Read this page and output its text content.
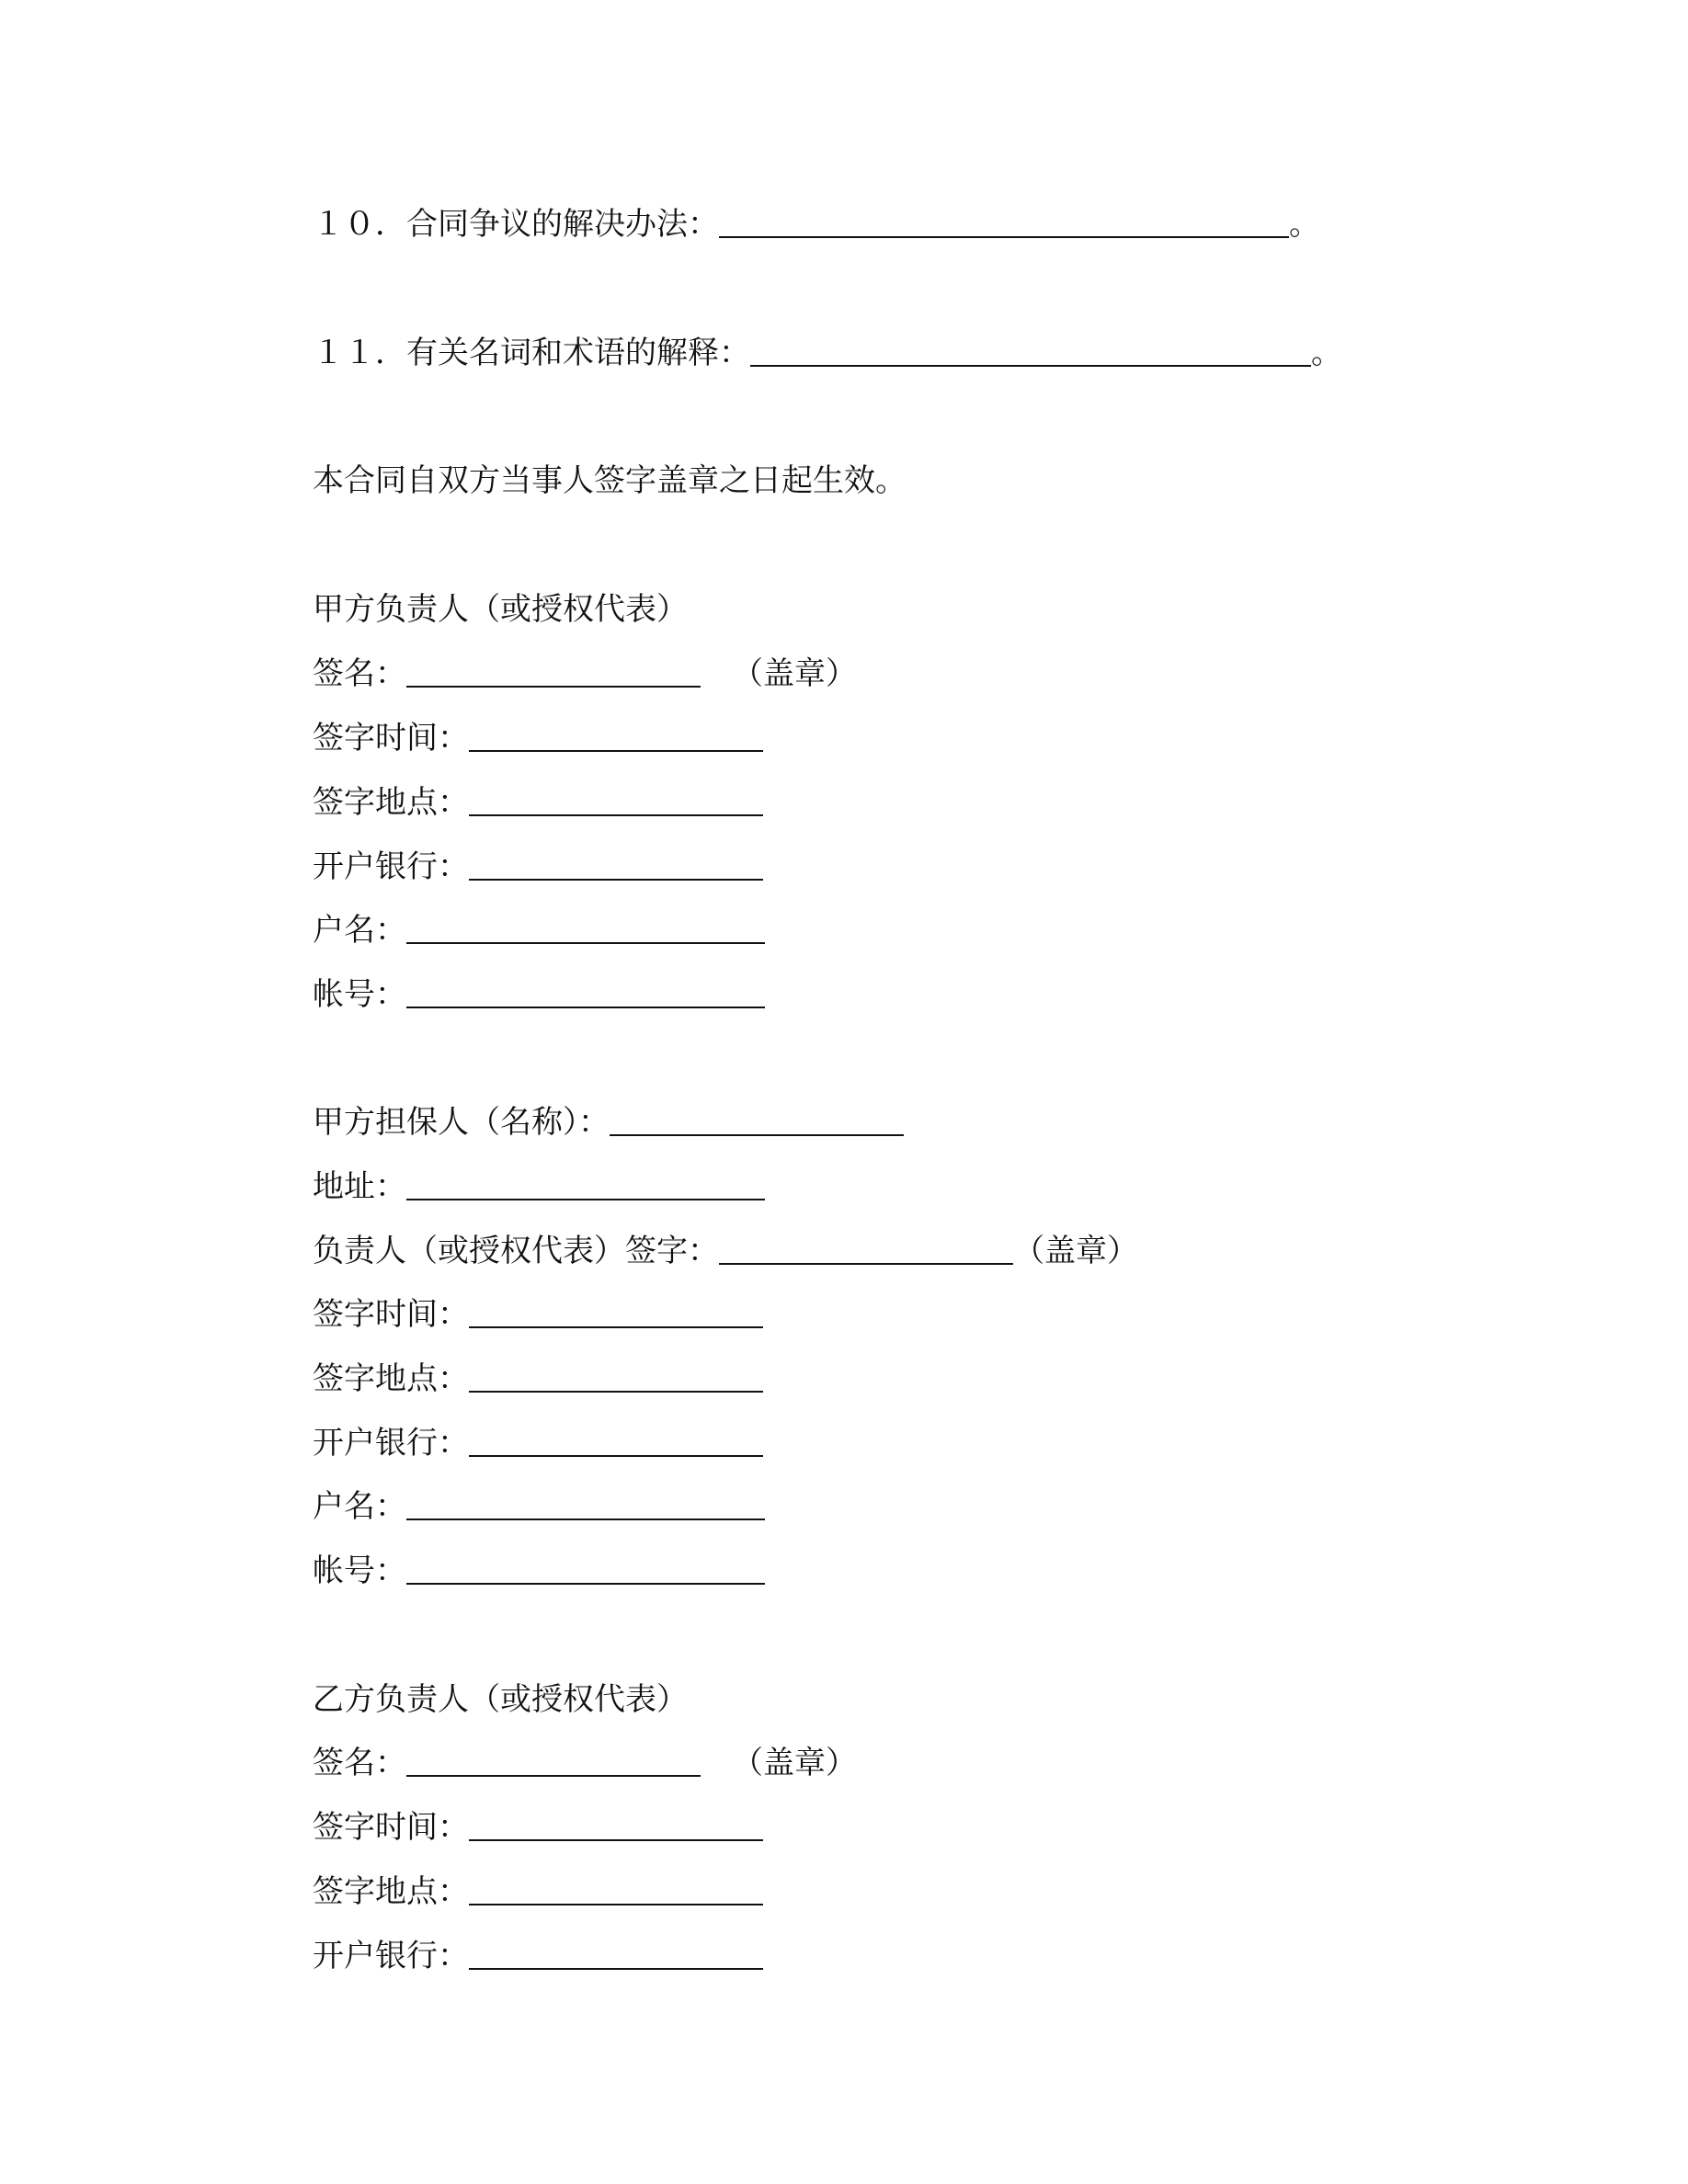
１０．合同争议的解决办法：	。
１１．有关名词和术语的解释：	。
本合同自双方当事人签字盖章之日起生效。
甲方负责人（或授权代表）
签名：	（盖章）
签字时间：
签字地点：
开户银行：
户名：
帐号：
甲方担保人（名称）：
地址：
负责人（或授权代表）签字：	（盖章）
签字时间：
签字地点：
开户银行：
户名：
帐号：
乙方负责人（或授权代表）
签名：	（盖章）
签字时间：
签字地点：
开户银行：
